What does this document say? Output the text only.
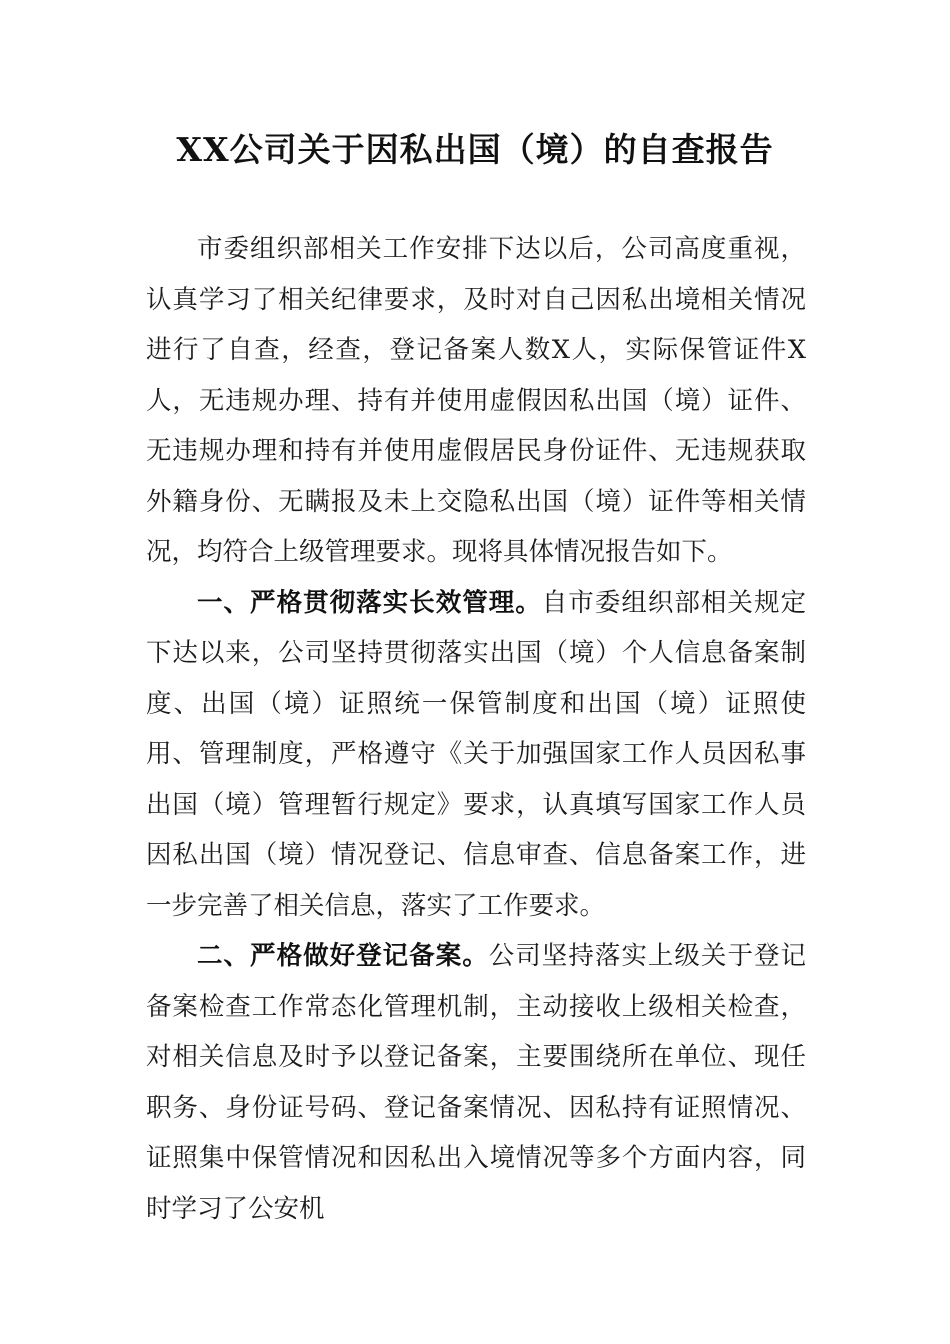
XX公司关于因私出国（境）的自查报告

市委组织部相关工作安排下达以后，公司高度重视，认真学习了相关纪律要求，及时对自己因私出境相关情况进行了自查，经查，登记备案人数X人，实际保管证件X人，无违规办理、持有并使用虚假因私出国（境）证件、无违规办理和持有并使用虚假居民身份证件、无违规获取外籍身份、无瞒报及未上交隐私出国（境）证件等相关情况，均符合上级管理要求。现将具体情况报告如下。

一、严格贯彻落实长效管理。自市委组织部相关规定下达以来，公司坚持贯彻落实出国（境）个人信息备案制度、出国（境）证照统一保管制度和出国（境）证照使用、管理制度，严格遵守《关于加强国家工作人员因私事出国（境）管理暂行规定》要求，认真填写国家工作人员因私出国（境）情况登记、信息审查、信息备案工作，进一步完善了相关信息，落实了工作要求。

二、严格做好登记备案。公司坚持落实上级关于登记备案检查工作常态化管理机制，主动接收上级相关检查，对相关信息及时予以登记备案，主要围绕所在单位、现任职务、身份证号码、登记备案情况、因私持有证照情况、证照集中保管情况和因私出入境情况等多个方面内容，同时学习了公安机
